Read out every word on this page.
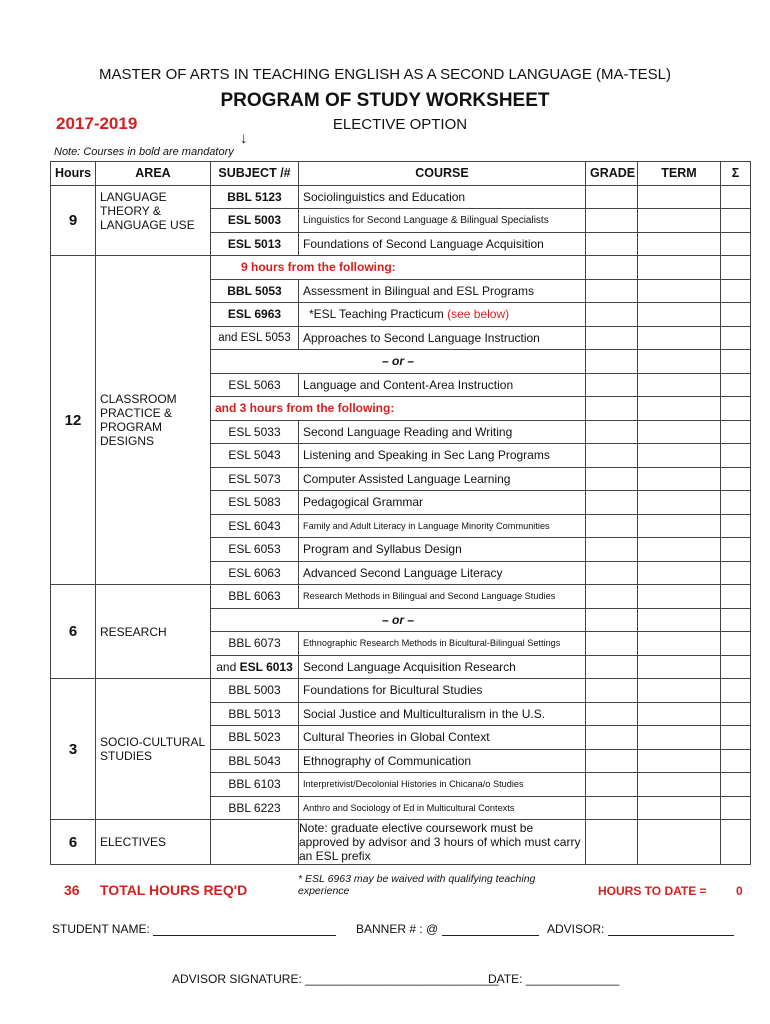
MASTER OF ARTS IN TEACHING ENGLISH AS A SECOND LANGUAGE (MA-TESL)
PROGRAM OF STUDY WORKSHEET
2017-2019	ELECTIVE OPTION
↓
Note: Courses in bold are mandatory
Hours	AREA	SUBJECT /#	COURSE	GRADE	TERM	Σ
9	LANGUAGE THEORY & LANGUAGE USE	BBL 5123	Sociolinguistics and Education			
		ESL 5003	Linguistics for Second Language & Bilingual Specialists			
		ESL 5013	Foundations of Second Language Acquisition			
12	CLASSROOM PRACTICE & PROGRAM DESIGNS	9 hours from the following:				
		BBL 5053	Assessment in Bilingual and ESL Programs			
		ESL 6963	*ESL Teaching Practicum (see below)			
		and ESL 5053	Approaches to Second Language Instruction			
		– or –				
		ESL 5063	Language and Content-Area Instruction			
		and 3 hours from the following:				
		ESL 5033	Second Language Reading and Writing			
		ESL 5043	Listening and Speaking in Sec Lang Programs			
		ESL 5073	Computer Assisted Language Learning			
		ESL 5083	Pedagogical Grammar			
		ESL 6043	Family and Adult Literacy in Language Minority Communities			
		ESL 6053	Program and Syllabus Design			
		ESL 6063	Advanced Second Language Literacy			
6	RESEARCH	BBL 6063	Research Methods in Bilingual and Second Language Studies			
		– or –				
		BBL 6073	Ethnographic Research Methods in Bicultural-Bilingual Settings			
		and ESL 6013	Second Language Acquisition Research			
3	SOCIO-CULTURAL STUDIES	BBL 5003	Foundations for Bicultural Studies			
		BBL 5013	Social Justice and Multiculturalism in the U.S.			
		BBL 5023	Cultural Theories in Global Context			
		BBL 5043	Ethnography of Communication			
		BBL 6103	Interpretivist/Decolonial Histories in Chicana/o Studies			
		BBL 6223	Anthro and Sociology of Ed in Multicultural Contexts			
6	ELECTIVES		Note: graduate elective coursework must be approved by advisor and 3 hours of which must carry an ESL prefix			
* ESL 6963 may be waived with qualifying teaching experience
36 TOTAL HOURS REQ'D	HOURS TO DATE = 0
STUDENT NAME:	BANNER # : @	ADVISOR:
ADVISOR SIGNATURE: _____________________________
DATE: ______________
